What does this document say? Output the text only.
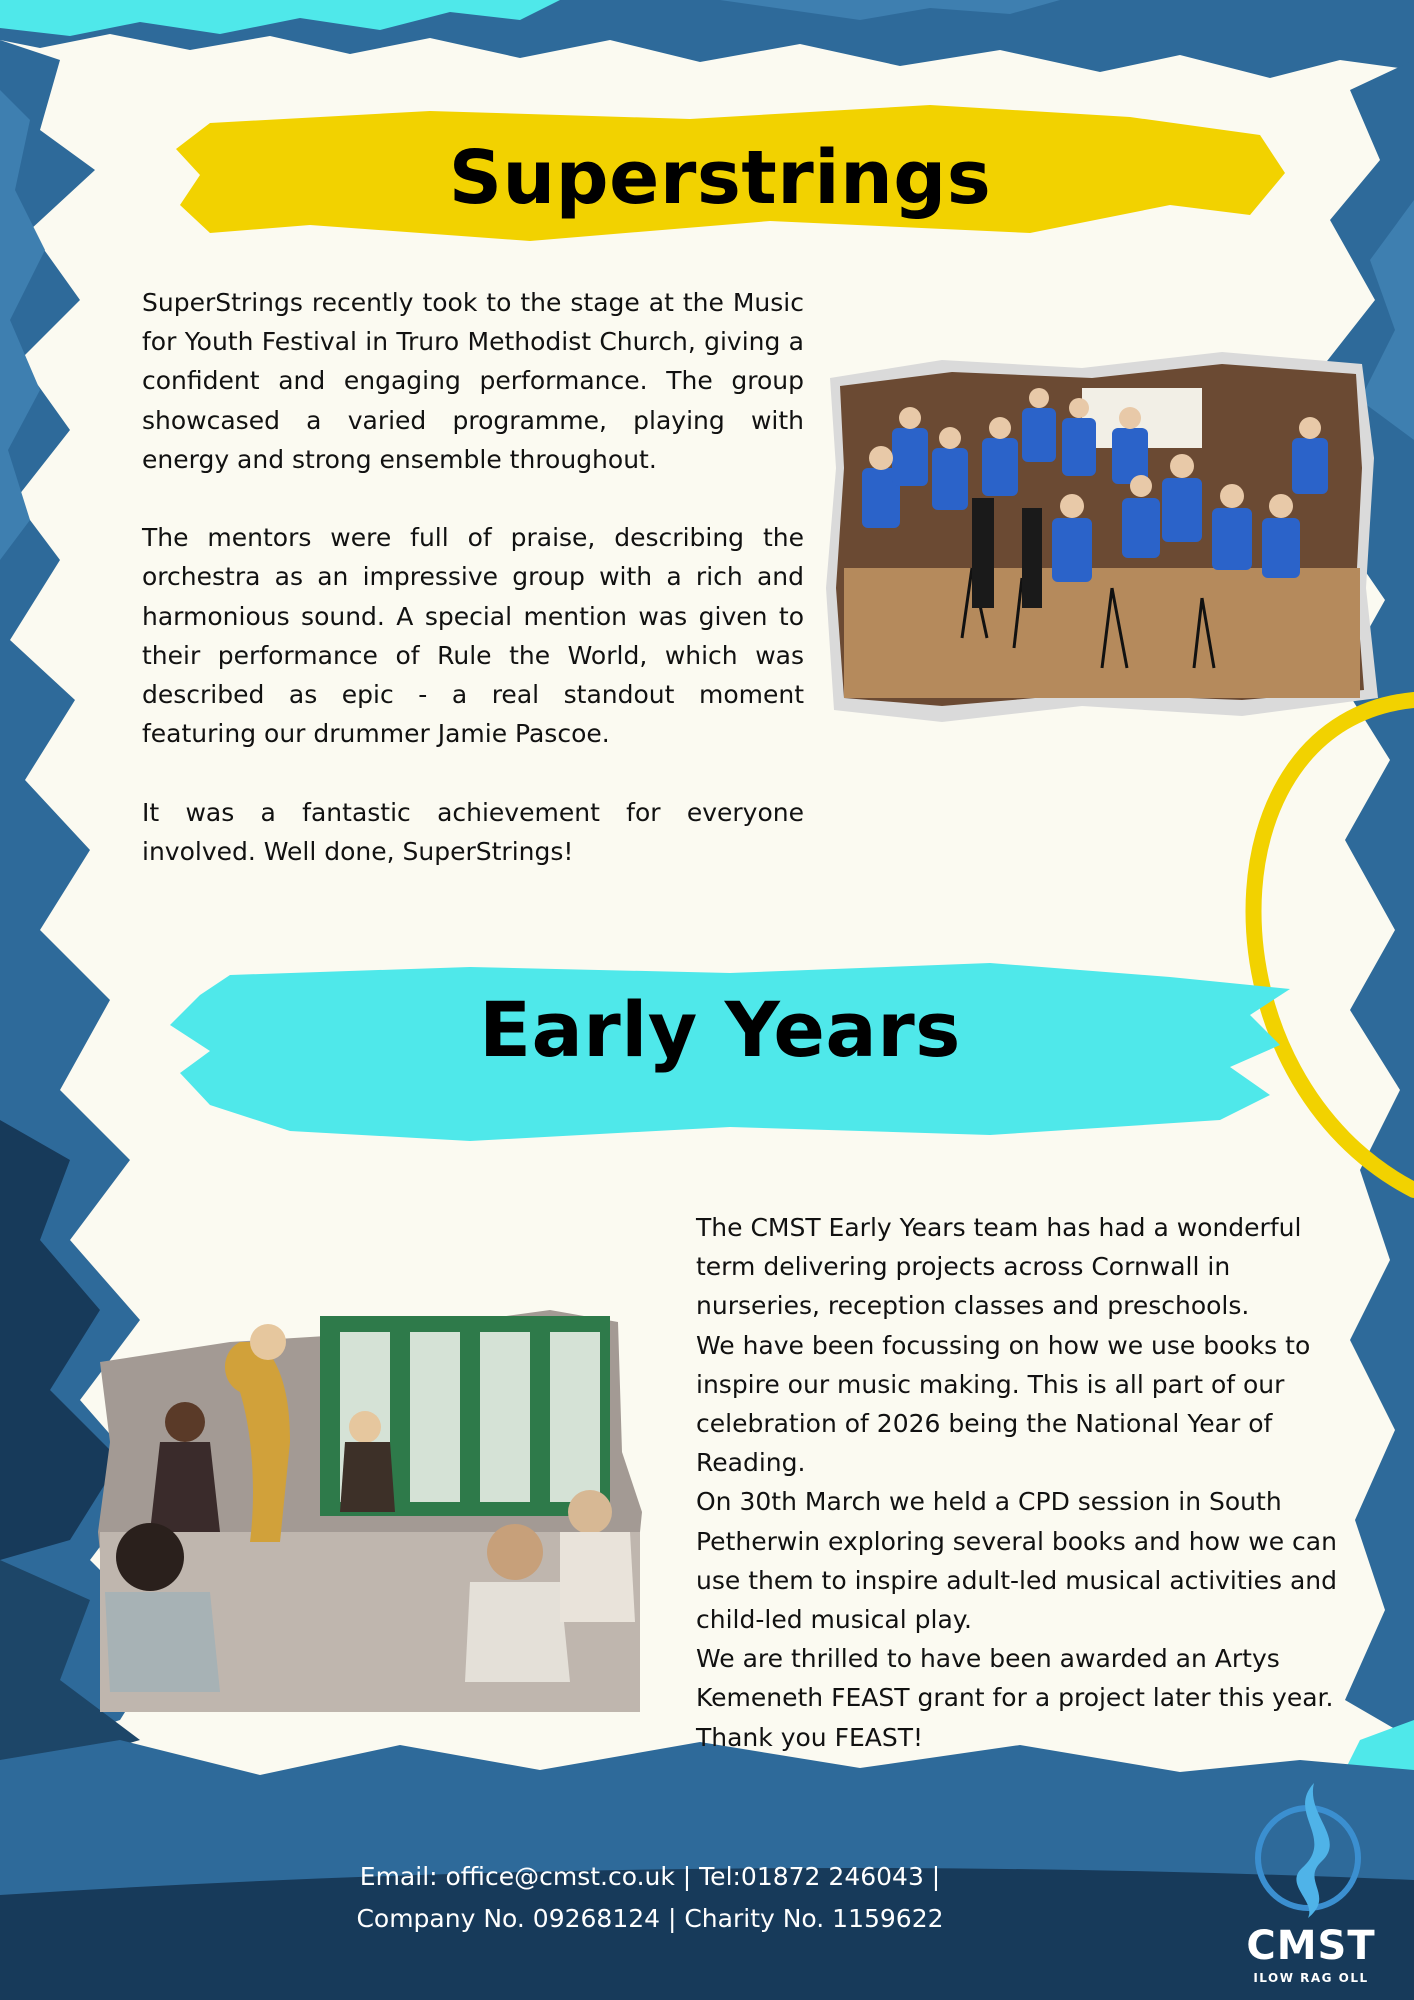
Superstrings

SuperStrings recently took to the stage at the Music for Youth Festival in Truro Methodist Church, giving a confident and engaging performance. The group showcased a varied programme, playing with energy and strong ensemble throughout.

The mentors were full of praise, describing the orchestra as an impressive group with a rich and harmonious sound. A special mention was given to their performance of Rule the World, which was described as epic - a real standout moment featuring our drummer Jamie Pascoe.

It was a fantastic achievement for everyone involved. Well done, SuperStrings!

Early Years

The CMST Early Years team has had a wonderful term delivering projects across Cornwall in nurseries, reception classes and preschools.

We have been focussing on how we use books to inspire our music making. This is all part of our celebration of 2026 being the National Year of Reading.

On 30th March we held a CPD session in South Petherwin exploring several books and how we can use them to inspire adult-led musical activities and child-led musical play.

We are thrilled to have been awarded an Artys Kemeneth FEAST grant for a project later this year. Thank you FEAST!

Email: office@cmst.co.uk | Tel:01872 246043 |
Company No. 09268124 | Charity No. 1159622
CMST
ILOW RAG OLL
